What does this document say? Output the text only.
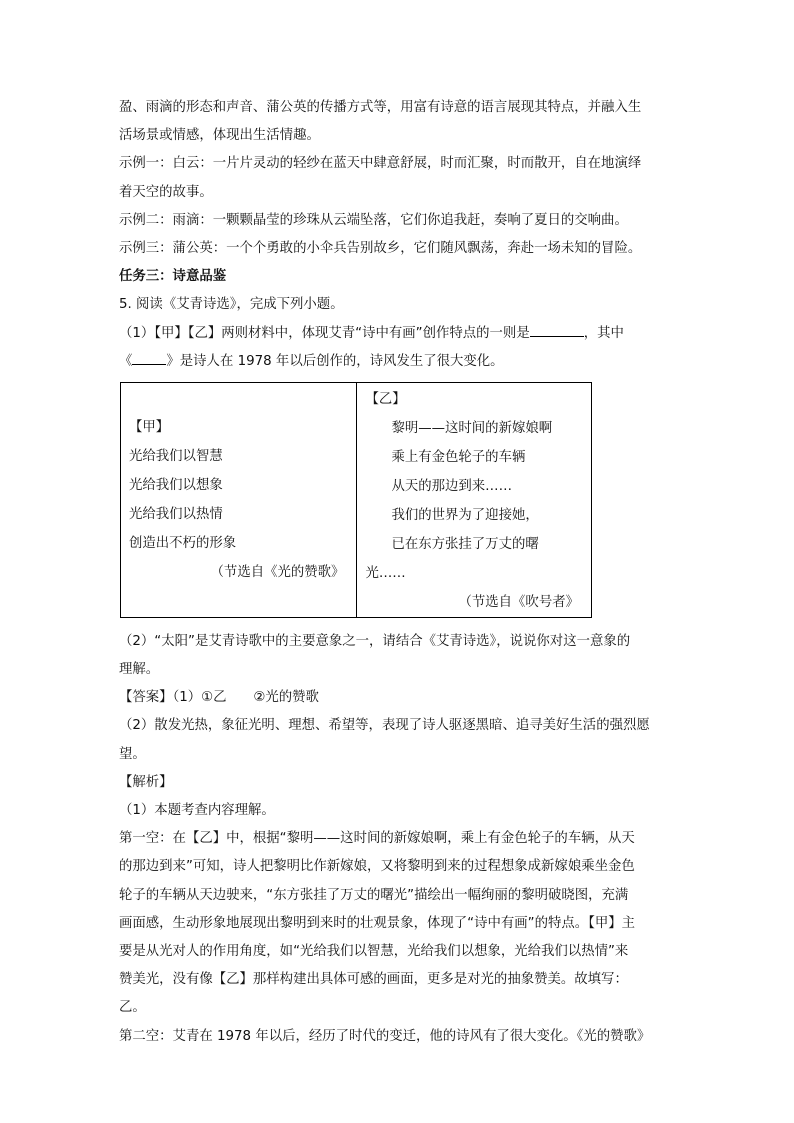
盈、雨滴的形态和声音、蒲公英的传播方式等，用富有诗意的语言展现其特点，并融入生
活场景或情感，体现出生活情趣。
示例一：白云：一片片灵动的轻纱在蓝天中肆意舒展，时而汇聚，时而散开，自在地演绎
着天空的故事。
示例二：雨滴：一颗颗晶莹的珍珠从云端坠落，它们你追我赶，奏响了夏日的交响曲。
示例三：蒲公英：一个个勇敢的小伞兵告别故乡，它们随风飘荡，奔赴一场未知的冒险。
任务三：诗意品鉴
5. 阅读《艾青诗选》，完成下列小题。
（1）【甲】【乙】两则材料中，体现艾青“诗中有画”创作特点的一则是	，其中
《	》是诗人在 1978 年以后创作的，诗风发生了很大变化。
【甲】
光给我们以智慧
光给我们以想象
光给我们以热情
创造出不朽的形象
（节选自《光的赞歌》

【乙】
黎明——这时间的新嫁娘啊
乘上有金色轮子的车辆
从天的那边到来……
我们的世界为了迎接她，
已在东方张挂了万丈的曙
光……
（节选自《吹号者》
（2）“太阳”是艾青诗歌中的主要意象之一，请结合《艾青诗选》，说说你对这一意象的
理解。
【答案】（1）①乙　　②光的赞歌
（2）散发光热，象征光明、理想、希望等，表现了诗人驱逐黑暗、追寻美好生活的强烈愿
望。
【解析】
（1）本题考查内容理解。
第一空：在【乙】中，根据“黎明——这时间的新嫁娘啊，乘上有金色轮子的车辆，从天
的那边到来”可知，诗人把黎明比作新嫁娘，又将黎明到来的过程想象成新嫁娘乘坐金色
轮子的车辆从天边驶来，“东方张挂了万丈的曙光”描绘出一幅绚丽的黎明破晓图，充满
画面感，生动形象地展现出黎明到来时的壮观景象，体现了“诗中有画”的特点。【甲】主
要是从光对人的作用角度，如“光给我们以智慧，光给我们以想象，光给我们以热情”来
赞美光，没有像【乙】那样构建出具体可感的画面，更多是对光的抽象赞美。故填写：
乙。
第二空：艾青在 1978 年以后，经历了时代的变迁，他的诗风有了很大变化。《光的赞歌》
